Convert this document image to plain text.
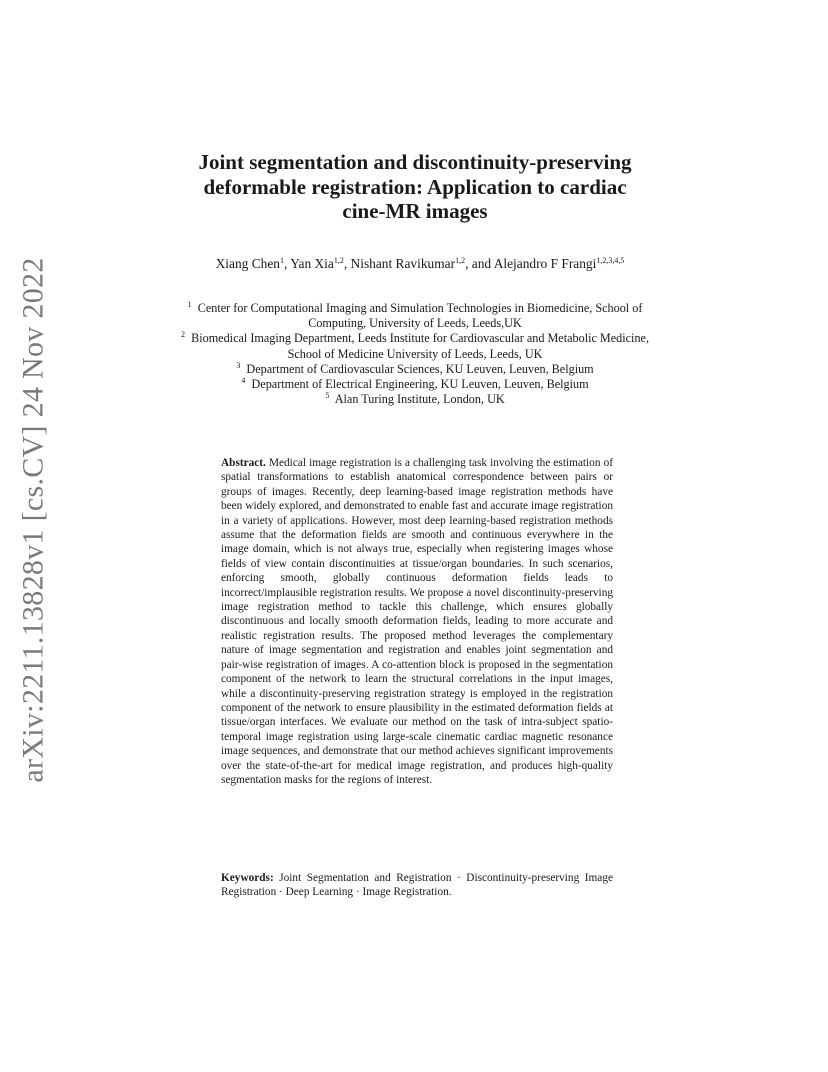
arXiv:2211.13828v1 [cs.CV] 24 Nov 2022
Joint segmentation and discontinuity-preserving
deformable registration: Application to cardiac
cine-MR images
Xiang Chen$^1$, Yan Xia$^{1,2}$, Nishant Ravikumar$^{1,2}$, and Alejandro F Frangi$^{1,2,3,4,5}$
$^1$ Center for Computational Imaging and Simulation Technologies in Biomedicine, School of Computing, University of Leeds, Leeds,UK
$^2$ Biomedical Imaging Department, Leeds Institute for Cardiovascular and Metabolic Medicine, School of Medicine University of Leeds, Leeds, UK
$^3$ Department of Cardiovascular Sciences, KU Leuven, Leuven, Belgium
$^4$ Department of Electrical Engineering, KU Leuven, Leuven, Belgium
$^5$ Alan Turing Institute, London, UK
Abstract. Medical image registration is a challenging task involving the estimation of spatial transformations to establish anatomical correspondence between pairs or groups of images. Recently, deep learning-based image registration methods have been widely explored, and demonstrated to enable fast and accurate image registration in a variety of applications. However, most deep learning-based registration methods assume that the deformation fields are smooth and continuous everywhere in the image domain, which is not always true, especially when registering images whose fields of view contain discontinuities at tissue/organ boundaries. In such scenarios, enforcing smooth, globally continuous deformation fields leads to incorrect/implausible registration results. We propose a novel discontinuity-preserving image registration method to tackle this challenge, which ensures globally discontinuous and locally smooth deformation fields, leading to more accurate and realistic registration results. The proposed method leverages the complementary nature of image segmentation and registration and enables joint segmentation and pair-wise registration of images. A co-attention block is proposed in the segmentation component of the network to learn the structural correlations in the input images, while a discontinuity-preserving registration strategy is employed in the registration component of the network to ensure plausibility in the estimated deformation fields at tissue/organ interfaces. We evaluate our method on the task of intra-subject spatio-temporal image registration using large-scale cinematic cardiac magnetic resonance image sequences, and demonstrate that our method achieves significant improvements over the state-of-the-art for medical image registration, and produces high-quality segmentation masks for the regions of interest.
Keywords: Joint Segmentation and Registration · Discontinuity-preserving Image Registration · Deep Learning · Image Registration.
